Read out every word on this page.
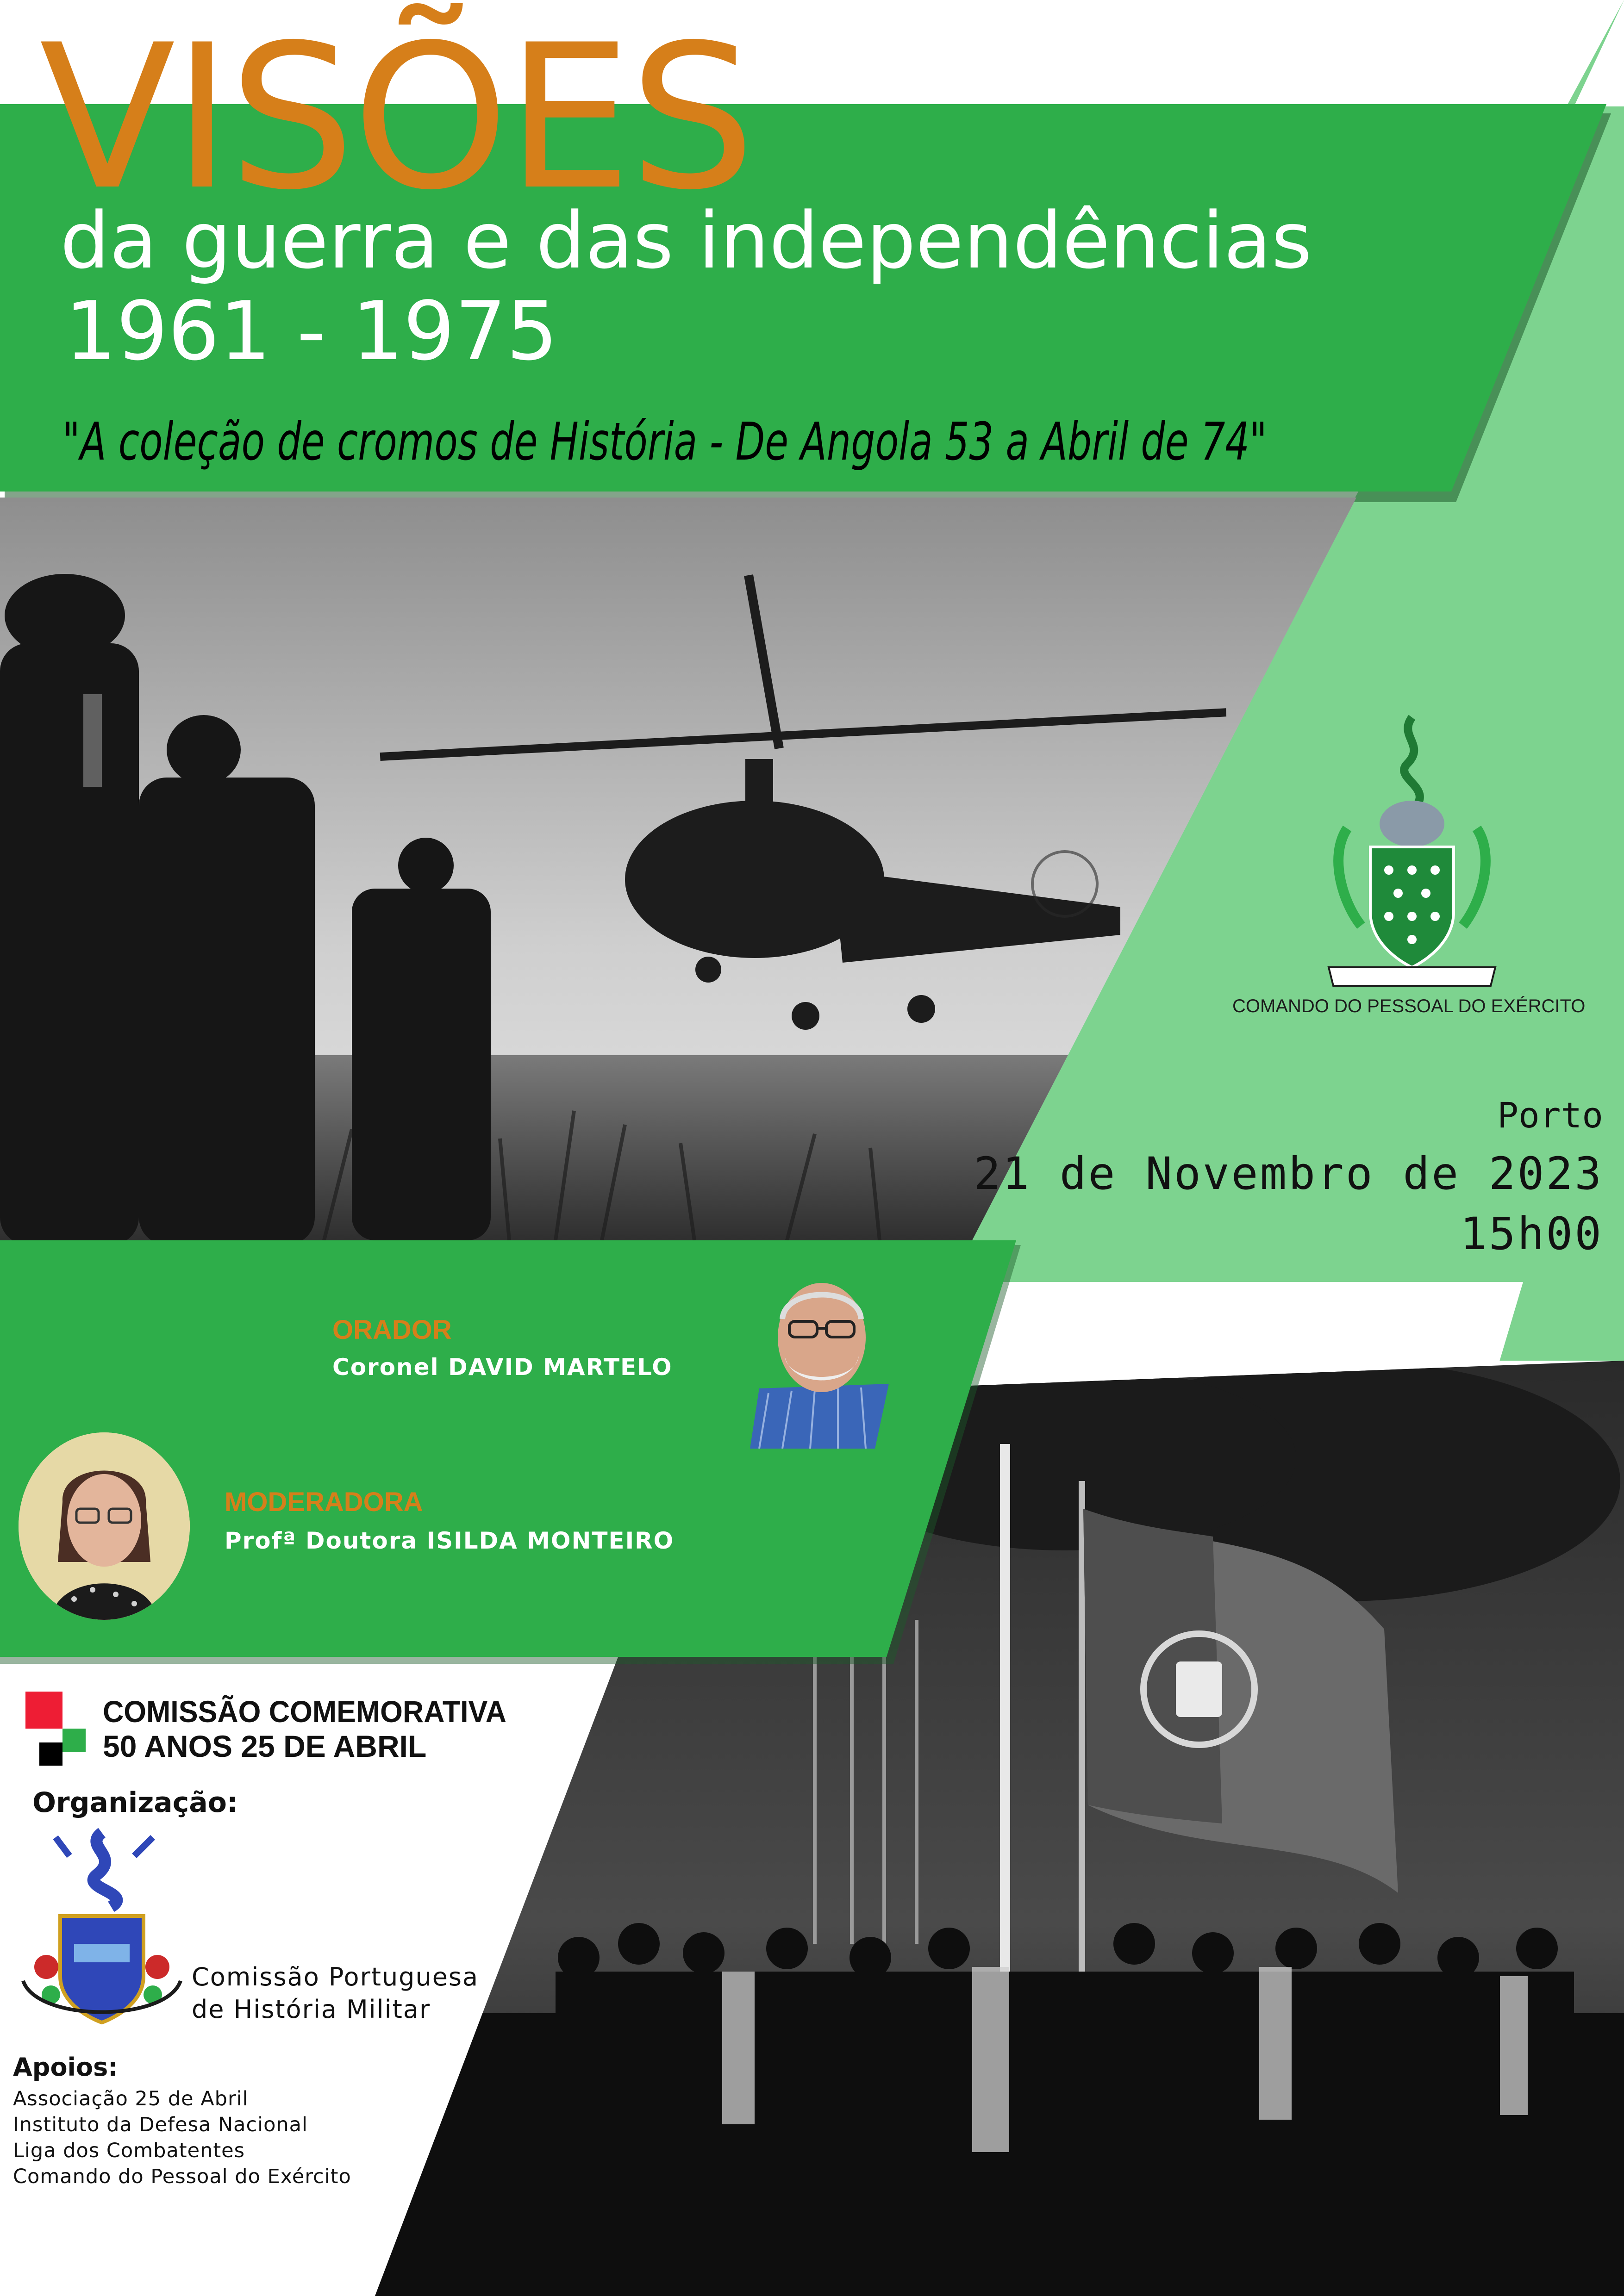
VISÕES
da guerra e das independências
1961 - 1975
"A coleção de cromos de História - De Angola 53 a Abril de 74"
COMANDO DO PESSOAL DO EXÉRCITO
Porto
21 de Novembro de 2023
15h00
ORADOR
Coronel DAVID MARTELO
MODERADORA
Profª Doutora ISILDA MONTEIRO
COMISSÃO COMEMORATIVA
50 ANOS 25 DE ABRIL
Organização:
Comissão Portuguesa
de História Militar
Apoios:
Associação 25 de Abril
Instituto da Defesa Nacional
Liga dos Combatentes
Comando do Pessoal do Exército
